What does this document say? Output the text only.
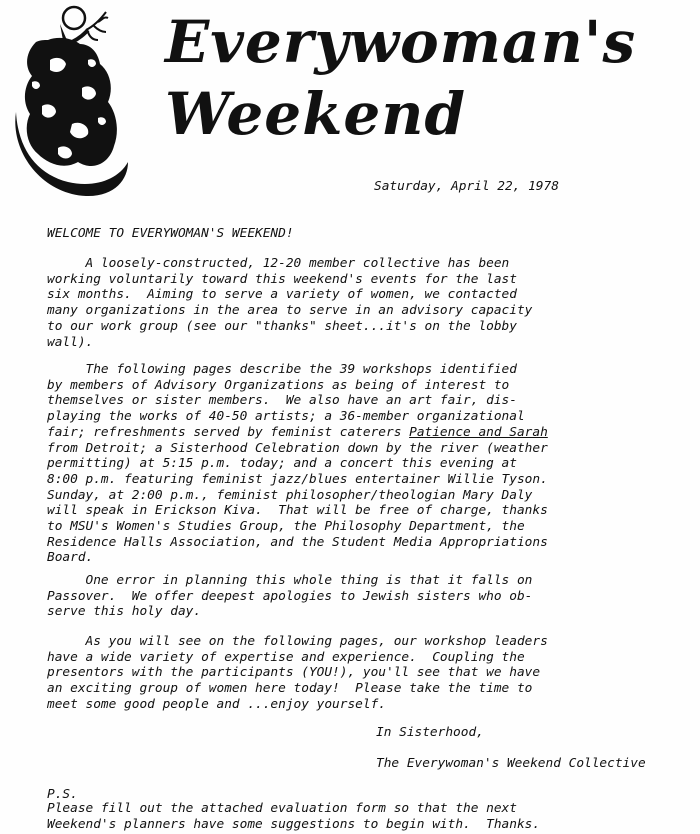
Everywoman's
Weekend
Saturday, April 22, 1978
WELCOME TO EVERYWOMAN'S WEEKEND!
A loosely-constructed, 12-20 member collective has been
working voluntarily toward this weekend's events for the last
six months.  Aiming to serve a variety of women, we contacted
many organizations in the area to serve in an advisory capacity
to our work group (see our "thanks" sheet...it's on the lobby
wall).
The following pages describe the 39 workshops identified
by members of Advisory Organizations as being of interest to
themselves or sister members.  We also have an art fair, dis-
playing the works of 40-50 artists; a 36-member organizational
fair; refreshments served by feminist caterers Patience and Sarah
from Detroit; a Sisterhood Celebration down by the river (weather
permitting) at 5:15 p.m. today; and a concert this evening at
8:00 p.m. featuring feminist jazz/blues entertainer Willie Tyson.
Sunday, at 2:00 p.m., feminist philosopher/theologian Mary Daly
will speak in Erickson Kiva.  That will be free of charge, thanks
to MSU's Women's Studies Group, the Philosophy Department, the
Residence Halls Association, and the Student Media Appropriations
Board.
One error in planning this whole thing is that it falls on
Passover.  We offer deepest apologies to Jewish sisters who ob-
serve this holy day.
As you will see on the following pages, our workshop leaders
have a wide variety of expertise and experience.  Coupling the
presentors with the participants (YOU!), you'll see that we have
an exciting group of women here today!  Please take the time to
meet some good people and ...enjoy yourself.
In Sisterhood,
The Everywoman's Weekend Collective
P.S.
Please fill out the attached evaluation form so that the next
Weekend's planners have some suggestions to begin with.  Thanks.
